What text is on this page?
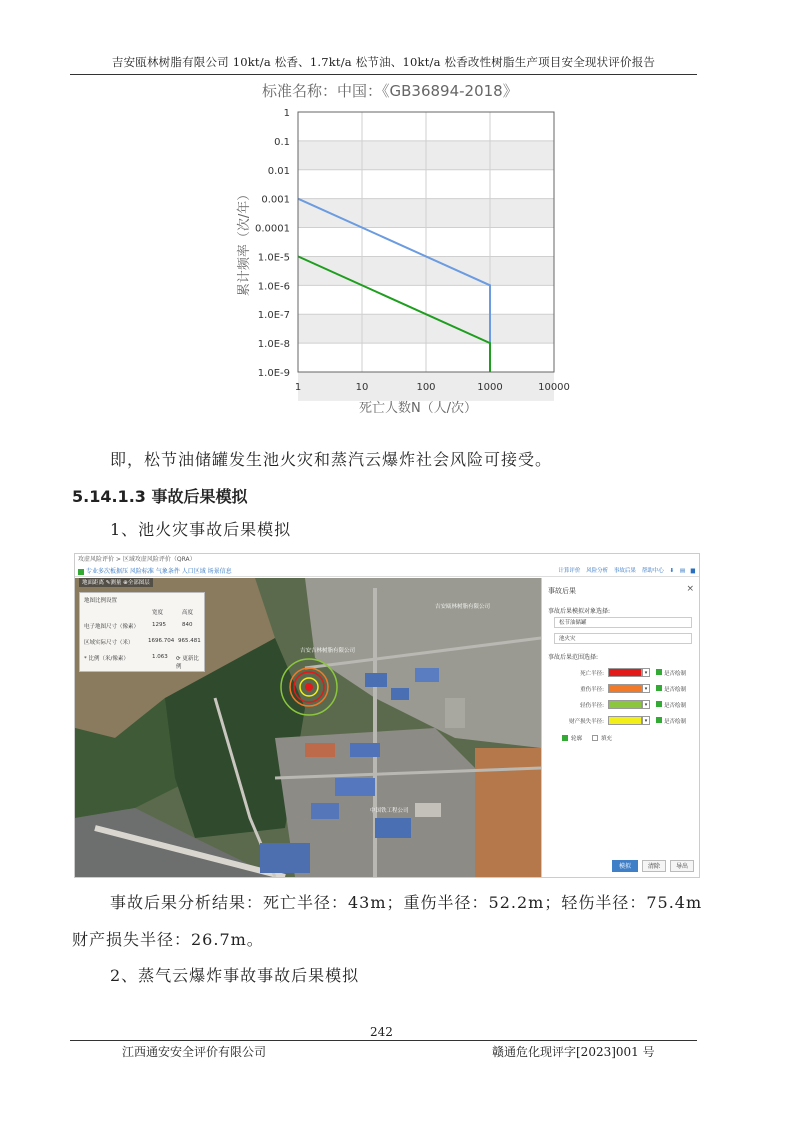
吉安瓯林树脂有限公司 10kt/a 松香、1.7kt/a 松节油、10kt/a 松香改性树脂生产项目安全现状评价报告
标准名称：中国：《GB36894-2018》
1
0.1
0.01
0.001
0.0001
1.0E-5
1.0E-6
1.0E-7
1.0E-8
1.0E-9
1	10	100	1000	10000
死亡人数N（人/次）
累计频率（次/年）
即，松节油储罐发生池火灾和蒸汽云爆炸社会风险可接受。
5.14.1.3 事故后果模拟
1、池火灾事故后果模拟
攻虚风险评价 > 区域攻虚风险评价（QRA）
专业多次板据压 风险标准 气象条件 人口区域 场景信息	计算评价 风险分析 事故后果 帮助中心 ⬇ ▤ ▆
吉安瓯林树脂有限公司
吉安吉林树脂有限公司
中国铁工程公司
地面距离 ✎测量 ⊕全部图层
地图比例设置
宽度	高度
电子地图尺寸（像素） 1295	840
区域实际尺寸（米）	1696.704 965.481
* 比例（米/像素）	1.063 ⟳ 更新比例
事故后果	×
事故后果模拟对象选择:
松节油储罐
池火灾
事故后果范围选择:
死亡半径:	▾	是否绘制
重伤半径:	▾	是否绘制
轻伤半径:	▾	是否绘制
财产损失半径:	▾	是否绘制
轮廓	填充
模拟	清除	导出
事故后果分析结果：死亡半径：43m；重伤半径：52.2m；轻伤半径：75.4m
财产损失半径：26.7m。
2、蒸气云爆炸事故事故后果模拟
242
江西通安安全评价有限公司	赣通危化现评字[2023]001 号
